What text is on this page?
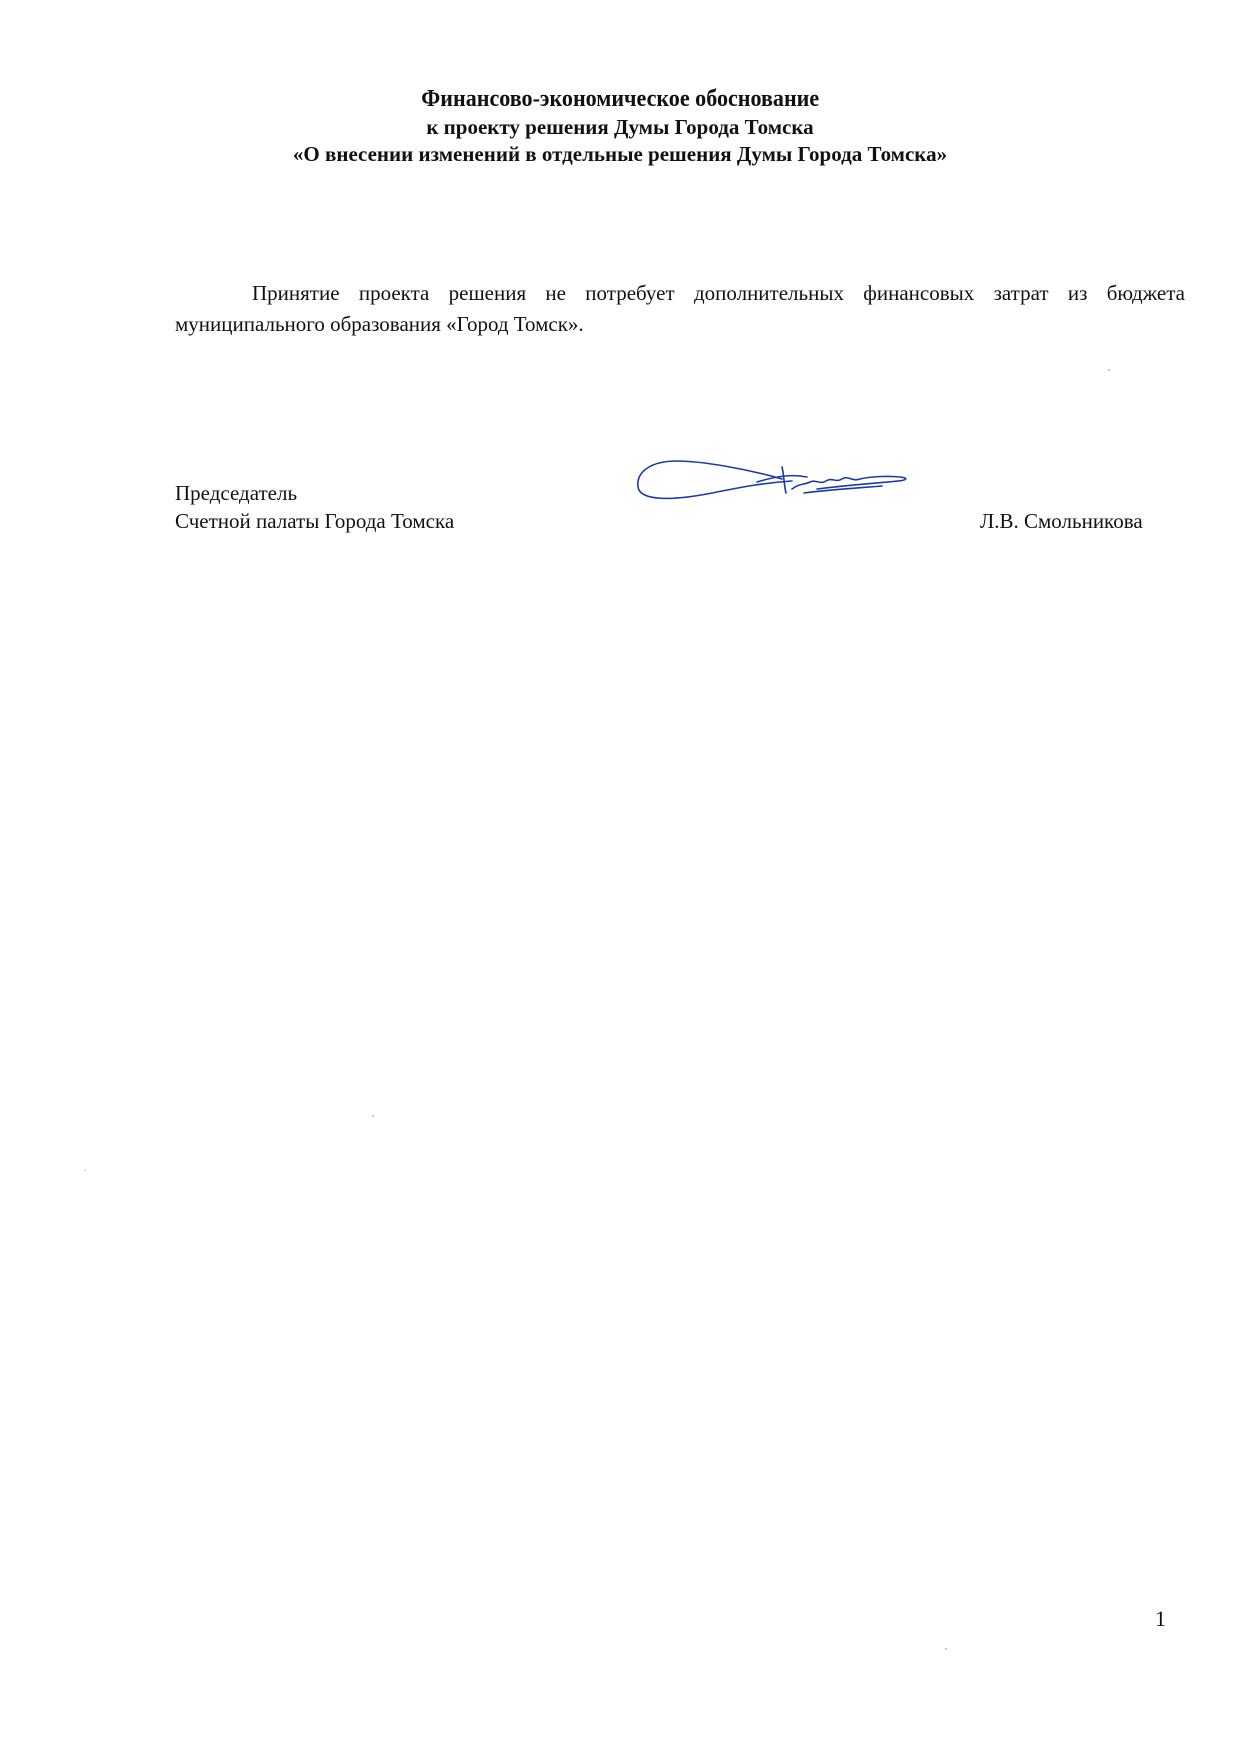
Финансово-экономическое обоснование
к проекту решения Думы Города Томска
«О внесении изменений в отдельные решения Думы Города Томска»
Принятие проекта решения не потребует дополнительных финансовых затрат из бюджета муниципального образования «Город Томск».
Председатель
Счетной палаты Города Томска	Л.В. Смольникова
1
